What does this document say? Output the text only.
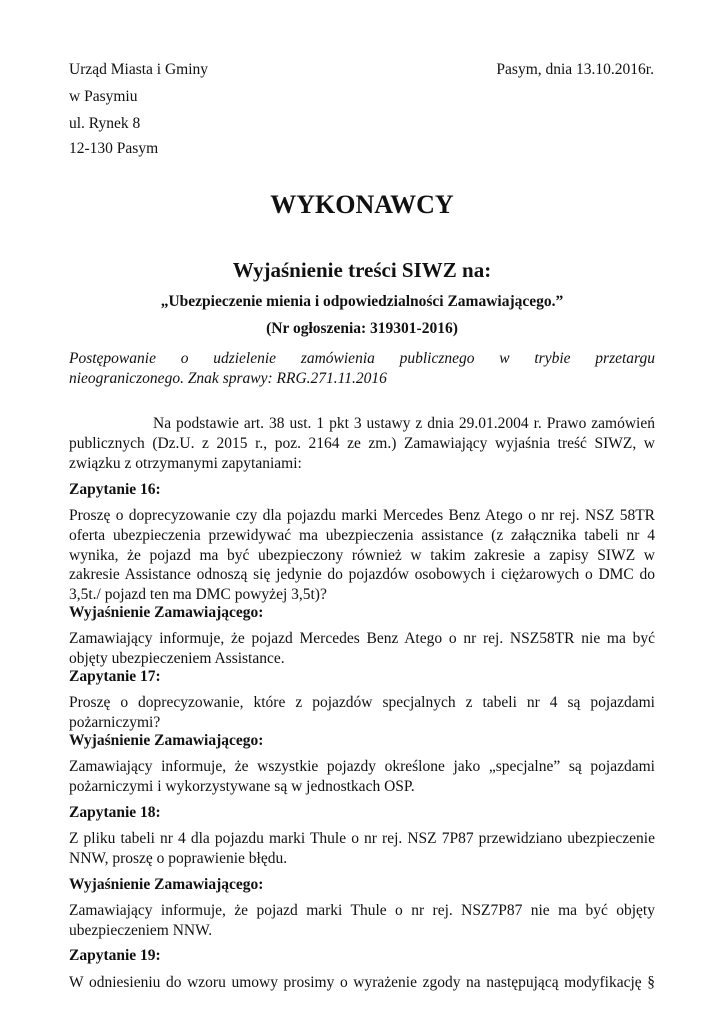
Urząd Miasta i Gminy
w Pasymiu
ul. Rynek 8
12-130 Pasym
Pasym, dnia 13.10.2016r.
WYKONAWCY
Wyjaśnienie treści SIWZ na:
„Ubezpieczenie mienia i odpowiedzialności Zamawiającego.”
(Nr ogłoszenia: 319301-2016)
Postępowanie o udzielenie zamówienia publicznego w trybie przetargu
nieograniczonego. Znak sprawy: RRG.271.11.2016
Na podstawie art. 38 ust. 1 pkt 3 ustawy z dnia 29.01.2004 r. Prawo zamówień
publicznych (Dz.U. z 2015 r., poz. 2164 ze zm.) Zamawiający wyjaśnia treść SIWZ, w
związku z otrzymanymi zapytaniami:
Zapytanie 16:
Proszę o doprecyzowanie czy dla pojazdu marki Mercedes Benz Atego o nr rej. NSZ 58TR
oferta ubezpieczenia przewidywać ma ubezpieczenia assistance (z załącznika tabeli nr 4
wynika, że pojazd ma być ubezpieczony również w takim zakresie a zapisy SIWZ w
zakresie Assistance odnoszą się jedynie do pojazdów osobowych i ciężarowych o DMC do
3,5t./ pojazd ten ma DMC powyżej 3,5t)?
Wyjaśnienie Zamawiającego:
Zamawiający informuje, że pojazd Mercedes Benz Atego o nr rej. NSZ58TR nie ma być
objęty ubezpieczeniem Assistance.
Zapytanie 17:
Proszę o doprecyzowanie, które z pojazdów specjalnych z tabeli nr 4 są pojazdami
pożarniczymi?
Wyjaśnienie Zamawiającego:
Zamawiający informuje, że wszystkie pojazdy określone jako „specjalne” są pojazdami
pożarniczymi i wykorzystywane są w jednostkach OSP.
Zapytanie 18:
Z pliku tabeli nr 4 dla pojazdu marki Thule o nr rej. NSZ 7P87 przewidziano ubezpieczenie
NNW, proszę o poprawienie błędu.
Wyjaśnienie Zamawiającego:
Zamawiający informuje, że pojazd marki Thule o nr rej. NSZ7P87 nie ma być objęty
ubezpieczeniem NNW.
Zapytanie 19:
W odniesieniu do wzoru umowy prosimy o wyrażenie zgody na następującą modyfikację §
